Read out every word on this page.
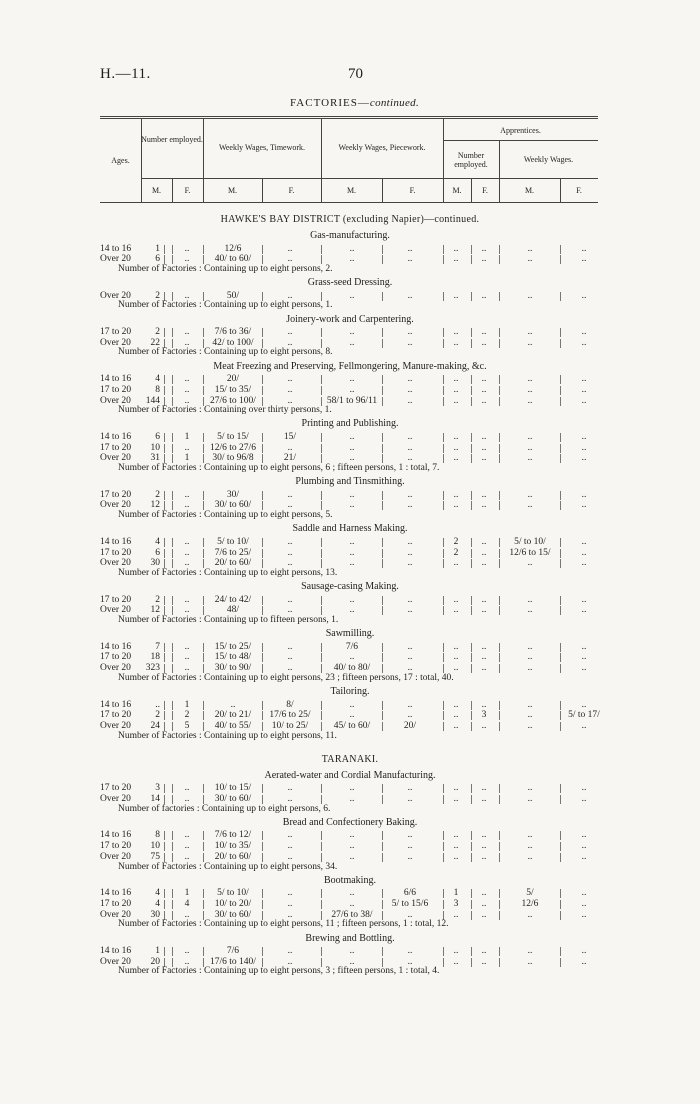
H.—11.	70
FACTORIES—continued.
Ages.
Number employed.
Weekly Wages, Timework.	Weekly Wages, Piecework.
Apprentices.
Number employed.
Weekly Wages.
M.	F.	M.	F.	M.	F.	M.	F.	M.	F.
HAWKE'S BAY DISTRICT (excluding Napier)—continued.
Gas-manufacturing.
14 to 16	1	..	12/6	..	..	..	..	..	..	..
Over 20	6	..	40/ to 60/	..	..	..	..	..	..	..
Number of Factories : Containing up to eight persons, 2.
Grass-seed Dressing.
Over 20	2	..	50/	..	..	..	..	..	..	..
Number of Factories : Containing up to eight persons, 1.
Joinery-work and Carpentering.
17 to 20	2	..	7/6 to 36/	..	..	..	..	..	..	..
Over 20	22	..	42/ to 100/	..	..	..	..	..	..	..
Number of Factories : Containing up to eight persons, 8.
Meat Freezing and Preserving, Fellmongering, Manure-making, &c.
14 to 16	4	..	20/	..	..	..	..	..	..	..
17 to 20	8	..	15/ to 35/	..	..	..	..	..	..	..
Over 20	144	..	27/6 to 100/	..	58/1 to 96/11	..	..	..	..	..
Number of Factories : Containing over thirty persons, 1.
Printing and Publishing.
14 to 16	6	1	5/ to 15/	15/	..	..	..	..	..	..
17 to 20	10	..	12/6 to 27/6	..	..	..	..	..	..	..
Over 20	31	1	30/ to 96/8	21/	..	..	..	..	..	..
Number of Factories : Containing up to eight persons, 6 ; fifteen persons, 1 : total, 7.
Plumbing and Tinsmithing.
17 to 20	2	..	30/	..	..	..	..	..	..	..
Over 20	12	..	30/ to 60/	..	..	..	..	..	..	..
Number of Factories : Containing up to eight persons, 5.
Saddle and Harness Making.
14 to 16	4	..	5/ to 10/	..	..	..	2	..	5/ to 10/	..
17 to 20	6	..	7/6 to 25/	..	..	..	2	..	12/6 to 15/	..
Over 20	30	..	20/ to 60/	..	..	..	..	..	..	..
Number of Factories : Containing up to eight persons, 13.
Sausage-casing Making.
17 to 20	2	..	24/ to 42/	..	..	..	..	..	..	..
Over 20	12	..	48/	..	..	..	..	..	..	..
Number of Factories : Containing up to fifteen persons, 1.
Sawmilling.
14 to 16	7	..	15/ to 25/	..	7/6	..	..	..	..	..
17 to 20	18	..	15/ to 48/	..	..	..	..	..	..	..
Over 20	323	..	30/ to 90/	..	40/ to 80/	..	..	..	..	..
Number of Factories : Containing up to eight persons, 23 ; fifteen persons, 17 : total, 40.
Tailoring.
14 to 16	..	1	..	8/	..	..	..	..	..	..
17 to 20	2	2	20/ to 21/	17/6 to 25/	..	..	..	3	..	5/ to 17/
Over 20	24	5	40/ to 55/	10/ to 25/	45/ to 60/	20/	..	..	..	..
Number of Factories : Containing up to eight persons, 11.
TARANAKI.
Aerated-water and Cordial Manufacturing.
17 to 20	3	..	10/ to 15/	..	..	..	..	..	..	..
Over 20	14	..	30/ to 60/	..	..	..	..	..	..	..
Number of factories : Containing up to eight persons, 6.
Bread and Confectionery Baking.
14 to 16	8	..	7/6 to 12/	..	..	..	..	..	..	..
17 to 20	10	..	10/ to 35/	..	..	..	..	..	..	..
Over 20	75	..	20/ to 60/	..	..	..	..	..	..	..
Number of Factories : Containing up to eight persons, 34.
Bootmaking.
14 to 16	4	1	5/ to 10/	..	..	6/6	1	..	5/	..
17 to 20	4	4	10/ to 20/	..	..	5/ to 15/6	3	..	12/6	..
Over 20	30	..	30/ to 60/	..	27/6 to 38/	..	..	..	..	..
Number of Factories : Containing up to eight persons, 11 ; fifteen persons, 1 : total, 12.
Brewing and Bottling.
14 to 16	1	..	7/6	..	..	..	..	..	..	..
Over 20	20	..	17/6 to 140/	..	..	..	..	..	..	..
Number of Factories : Containing up to eight persons, 3 ; fifteen persons, 1 : total, 4.
